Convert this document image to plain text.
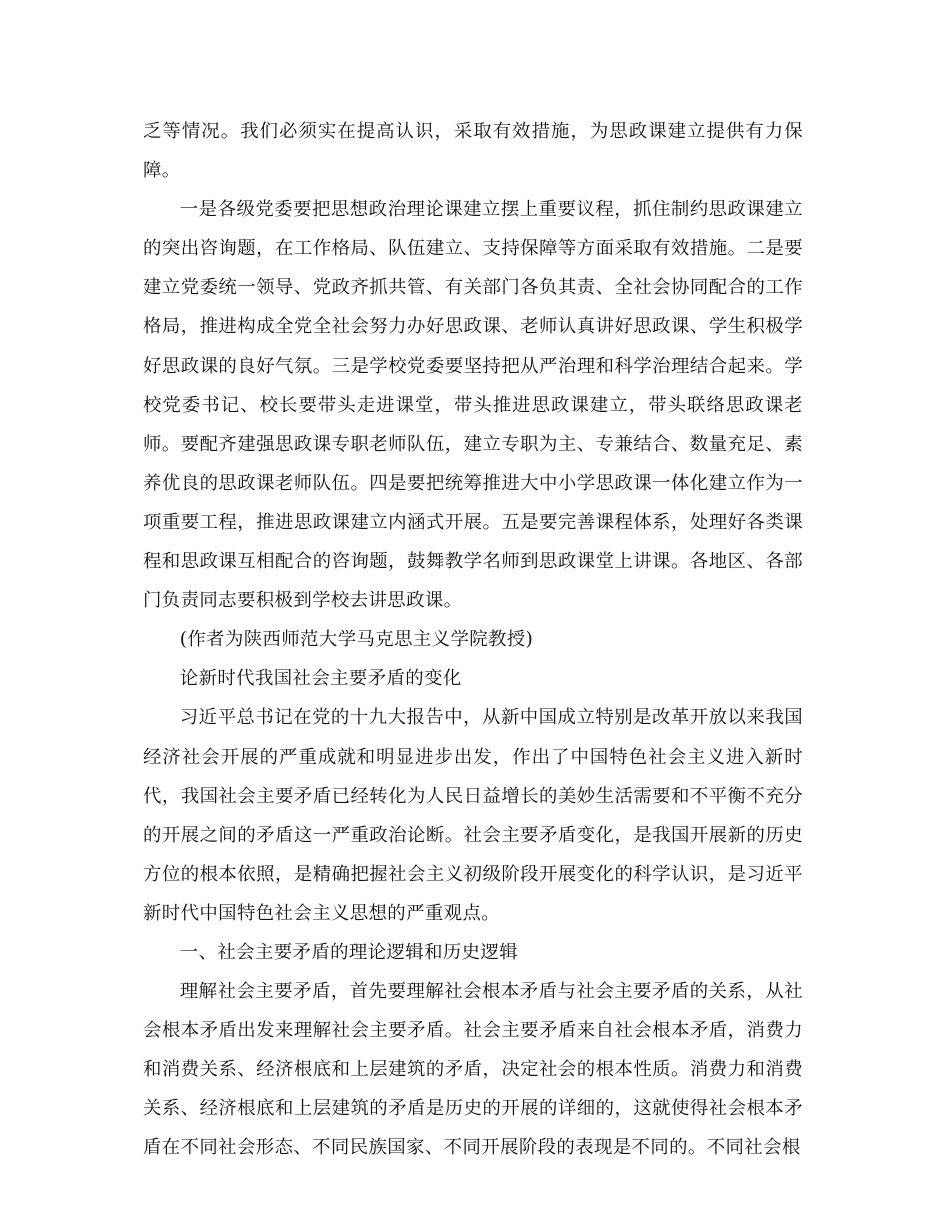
乏等情况。我们必须实在提高认识，采取有效措施，为思政课建立提供有力保障。

一是各级党委要把思想政治理论课建立摆上重要议程，抓住制约思政课建立的突出咨询题，在工作格局、队伍建立、支持保障等方面采取有效措施。二是要建立党委统一领导、党政齐抓共管、有关部门各负其责、全社会协同配合的工作格局，推进构成全党全社会努力办好思政课、老师认真讲好思政课、学生积极学好思政课的良好气氛。三是学校党委要坚持把从严治理和科学治理结合起来。学校党委书记、校长要带头走进课堂，带头推进思政课建立，带头联络思政课老师。要配齐建强思政课专职老师队伍，建立专职为主、专兼结合、数量充足、素养优良的思政课老师队伍。四是要把统筹推进大中小学思政课一体化建立作为一项重要工程，推进思政课建立内涵式开展。五是要完善课程体系，处理好各类课程和思政课互相配合的咨询题，鼓舞教学名师到思政课堂上讲课。各地区、各部门负责同志要积极到学校去讲思政课。

(作者为陕西师范大学马克思主义学院教授)

论新时代我国社会主要矛盾的变化

习近平总书记在党的十九大报告中，从新中国成立特别是改革开放以来我国经济社会开展的严重成就和明显进步出发，作出了中国特色社会主义进入新时代，我国社会主要矛盾已经转化为人民日益增长的美妙生活需要和不平衡不充分的开展之间的矛盾这一严重政治论断。社会主要矛盾变化，是我国开展新的历史方位的根本依照，是精确把握社会主义初级阶段开展变化的科学认识，是习近平新时代中国特色社会主义思想的严重观点。

一、社会主要矛盾的理论逻辑和历史逻辑

理解社会主要矛盾，首先要理解社会根本矛盾与社会主要矛盾的关系，从社会根本矛盾出发来理解社会主要矛盾。社会主要矛盾来自社会根本矛盾，消费力和消费关系、经济根底和上层建筑的矛盾，决定社会的根本性质。消费力和消费关系、经济根底和上层建筑的矛盾是历史的开展的详细的，这就使得社会根本矛盾在不同社会形态、不同民族国家、不同开展阶段的表现是不同的。不同社会根
